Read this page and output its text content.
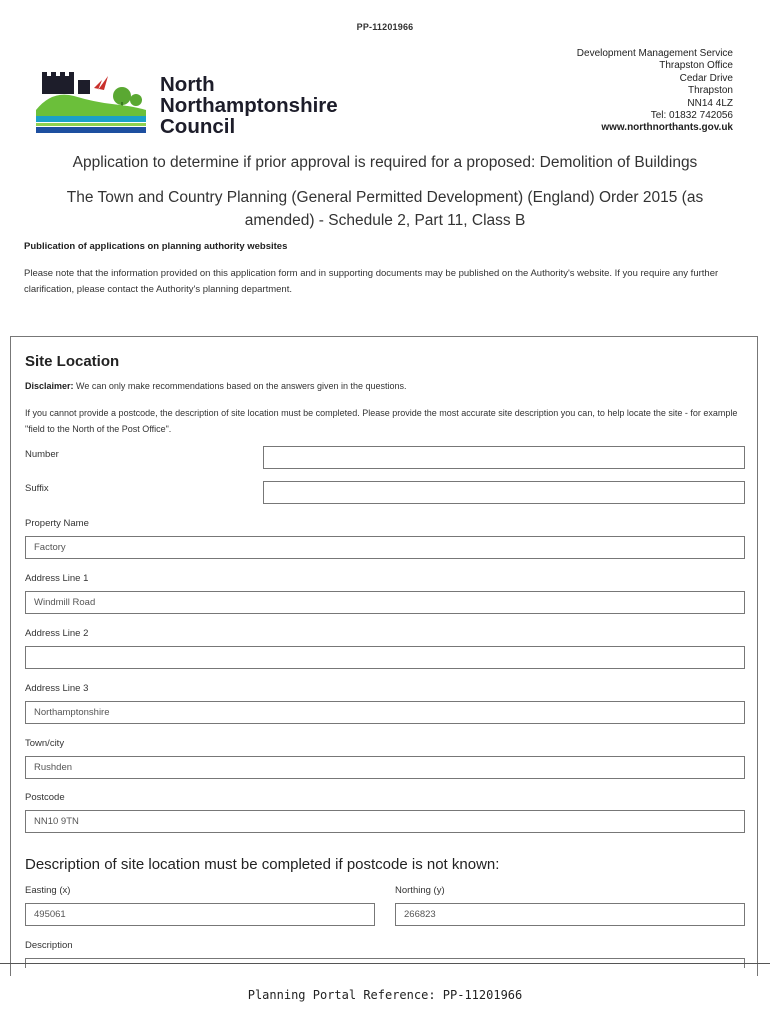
PP-11201966
North
Northamptonshire
Council
Development Management Service
Thrapston Office
Cedar Drive
Thrapston
NN14 4LZ
Tel: 01832 742056
www.northnorthants.gov.uk
Application to determine if prior approval is required for a proposed: Demolition of Buildings
The Town and Country Planning (General Permitted Development) (England) Order 2015 (as amended) - Schedule 2, Part 11, Class B
Publication of applications on planning authority websites
Please note that the information provided on this application form and in supporting documents may be published on the Authority's website. If you require any further clarification, please contact the Authority's planning department.
Site Location
Disclaimer: We can only make recommendations based on the answers given in the questions.
If you cannot provide a postcode, the description of site location must be completed. Please provide the most accurate site description you can, to help locate the site - for example "field to the North of the Post Office".
Number
Suffix
Property Name
Factory
Address Line 1
Windmill Road
Address Line 2
Address Line 3
Northamptonshire
Town/city
Rushden
Postcode
NN10 9TN
Description of site location must be completed if postcode is not known:
Easting (x)
495061
Northing (y)
266823
Description
Planning Portal Reference: PP-11201966
